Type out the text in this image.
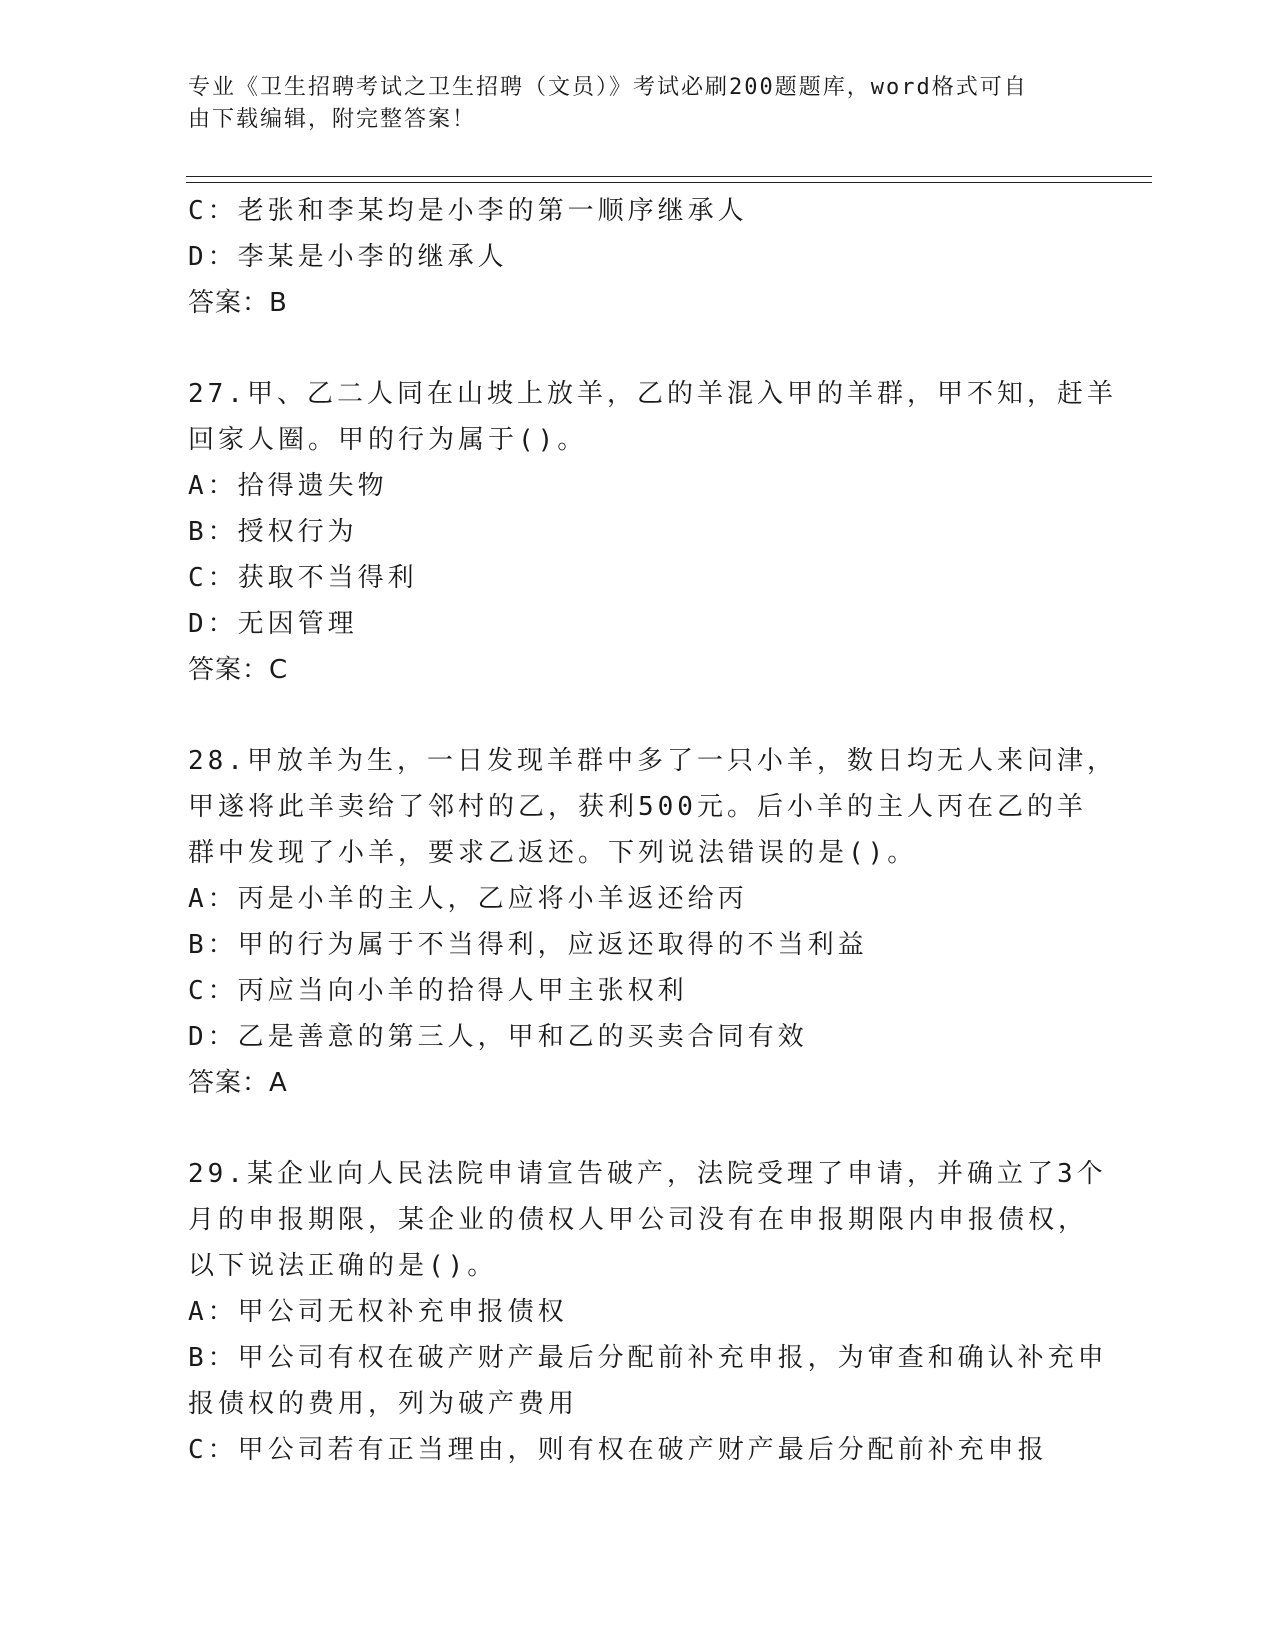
专业《卫生招聘考试之卫生招聘（文员）》考试必刷200题题库，word格式可自
由下载编辑，附完整答案！
C：老张和李某均是小李的第一顺序继承人
D：李某是小李的继承人
答案：B
27.甲、乙二人同在山坡上放羊，乙的羊混入甲的羊群，甲不知，赶羊
回家人圈。甲的行为属于()。
A：拾得遗失物
B：授权行为
C：获取不当得利
D：无因管理
答案：C
28.甲放羊为生，一日发现羊群中多了一只小羊，数日均无人来问津，
甲遂将此羊卖给了邻村的乙，获利500元。后小羊的主人丙在乙的羊
群中发现了小羊，要求乙返还。下列说法错误的是()。
A：丙是小羊的主人，乙应将小羊返还给丙
B：甲的行为属于不当得利，应返还取得的不当利益
C：丙应当向小羊的拾得人甲主张权利
D：乙是善意的第三人，甲和乙的买卖合同有效
答案：A
29.某企业向人民法院申请宣告破产，法院受理了申请，并确立了3个
月的申报期限，某企业的债权人甲公司没有在申报期限内申报债权，
以下说法正确的是()。
A：甲公司无权补充申报债权
B：甲公司有权在破产财产最后分配前补充申报，为审查和确认补充申
报债权的费用，列为破产费用
C：甲公司若有正当理由，则有权在破产财产最后分配前补充申报
